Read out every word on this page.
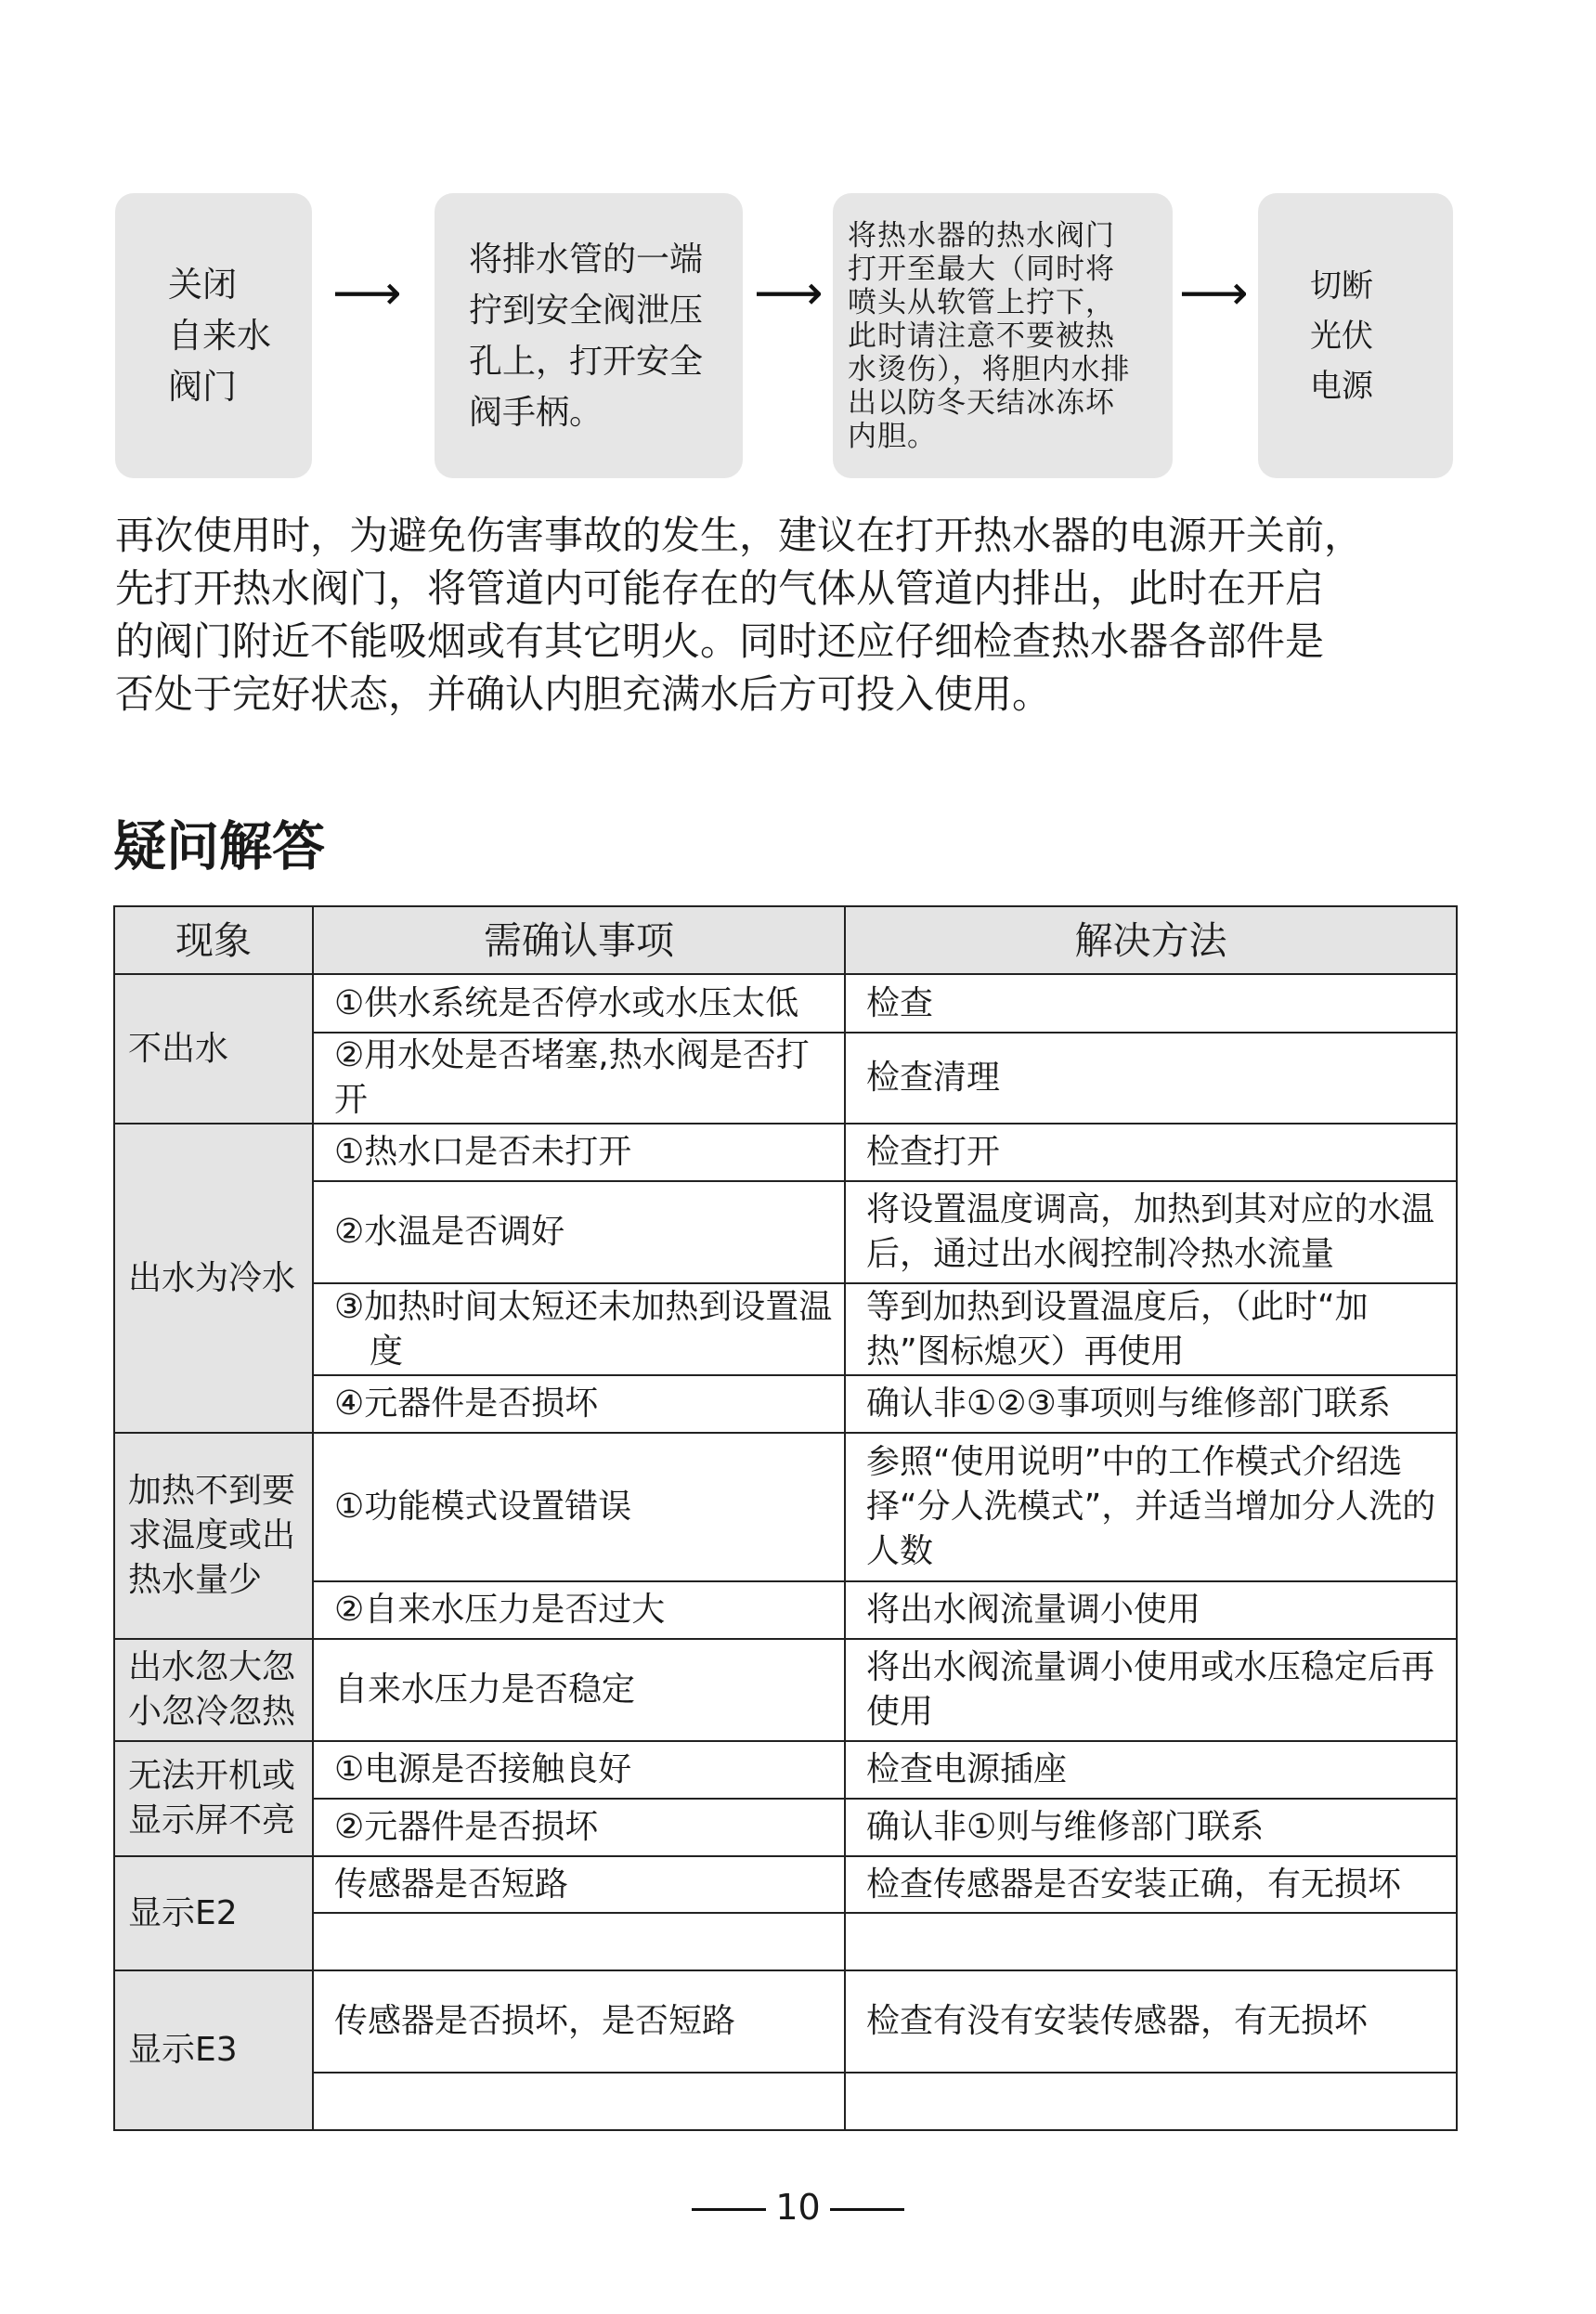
关闭
自来水
阀门
⟶
将排水管的一端
拧到安全阀泄压
孔上，打开安全
阀手柄。
⟶
将热水器的热水阀门
打开至最大（同时将
喷头从软管上拧下，
此时请注意不要被热
水烫伤），将胆内水排
出以防冬天结冰冻坏
内胆。
⟶ 切断
光伏
电源

再次使用时，为避免伤害事故的发生，建议在打开热水器的电源开关前，

先打开热水阀门，将管道内可能存在的气体从管道内排出，此时在开启

的阀门附近不能吸烟或有其它明火。同时还应仔细检查热水器各部件是

否处于完好状态，并确认内胆充满水后方可投入使用。

疑问解答
现象	需确认事项	解决方法
不出水	①供水系统是否停水或水压太低	检查
	②用水处是否堵塞,热水阀是否打开	检查清理
出水为冷水	①热水口是否未打开	检查打开
	②水温是否调好	将设置温度调高，加热到其对应的水温后，通过出水阀控制冷热水流量

	③加热时间太短还未加热到设置温度	等到加热到设置温度后，（此时“加热”图标熄灭）再使用
	④元器件是否损坏	确认非①②③事项则与维修部门联系
加热不到要求温度或出热水量少	①功能模式设置错误	参照“使用说明”中的工作模式介绍选择“分人洗模式”，并适当增加分人洗的人数
	②自来水压力是否过大	将出水阀流量调小使用
出水忽大忽小忽冷忽热	自来水压力是否稳定	将出水阀流量调小使用或水压稳定后再使用
无法开机或显示屏不亮	①电源是否接触良好	检查电源插座
	②元器件是否损坏	确认非①则与维修部门联系
显示E2	传感器是否短路	检查传感器是否安装正确，有无损坏

显示E3	传感器是否损坏，是否短路	检查有没有安装传感器，有无损坏

10
